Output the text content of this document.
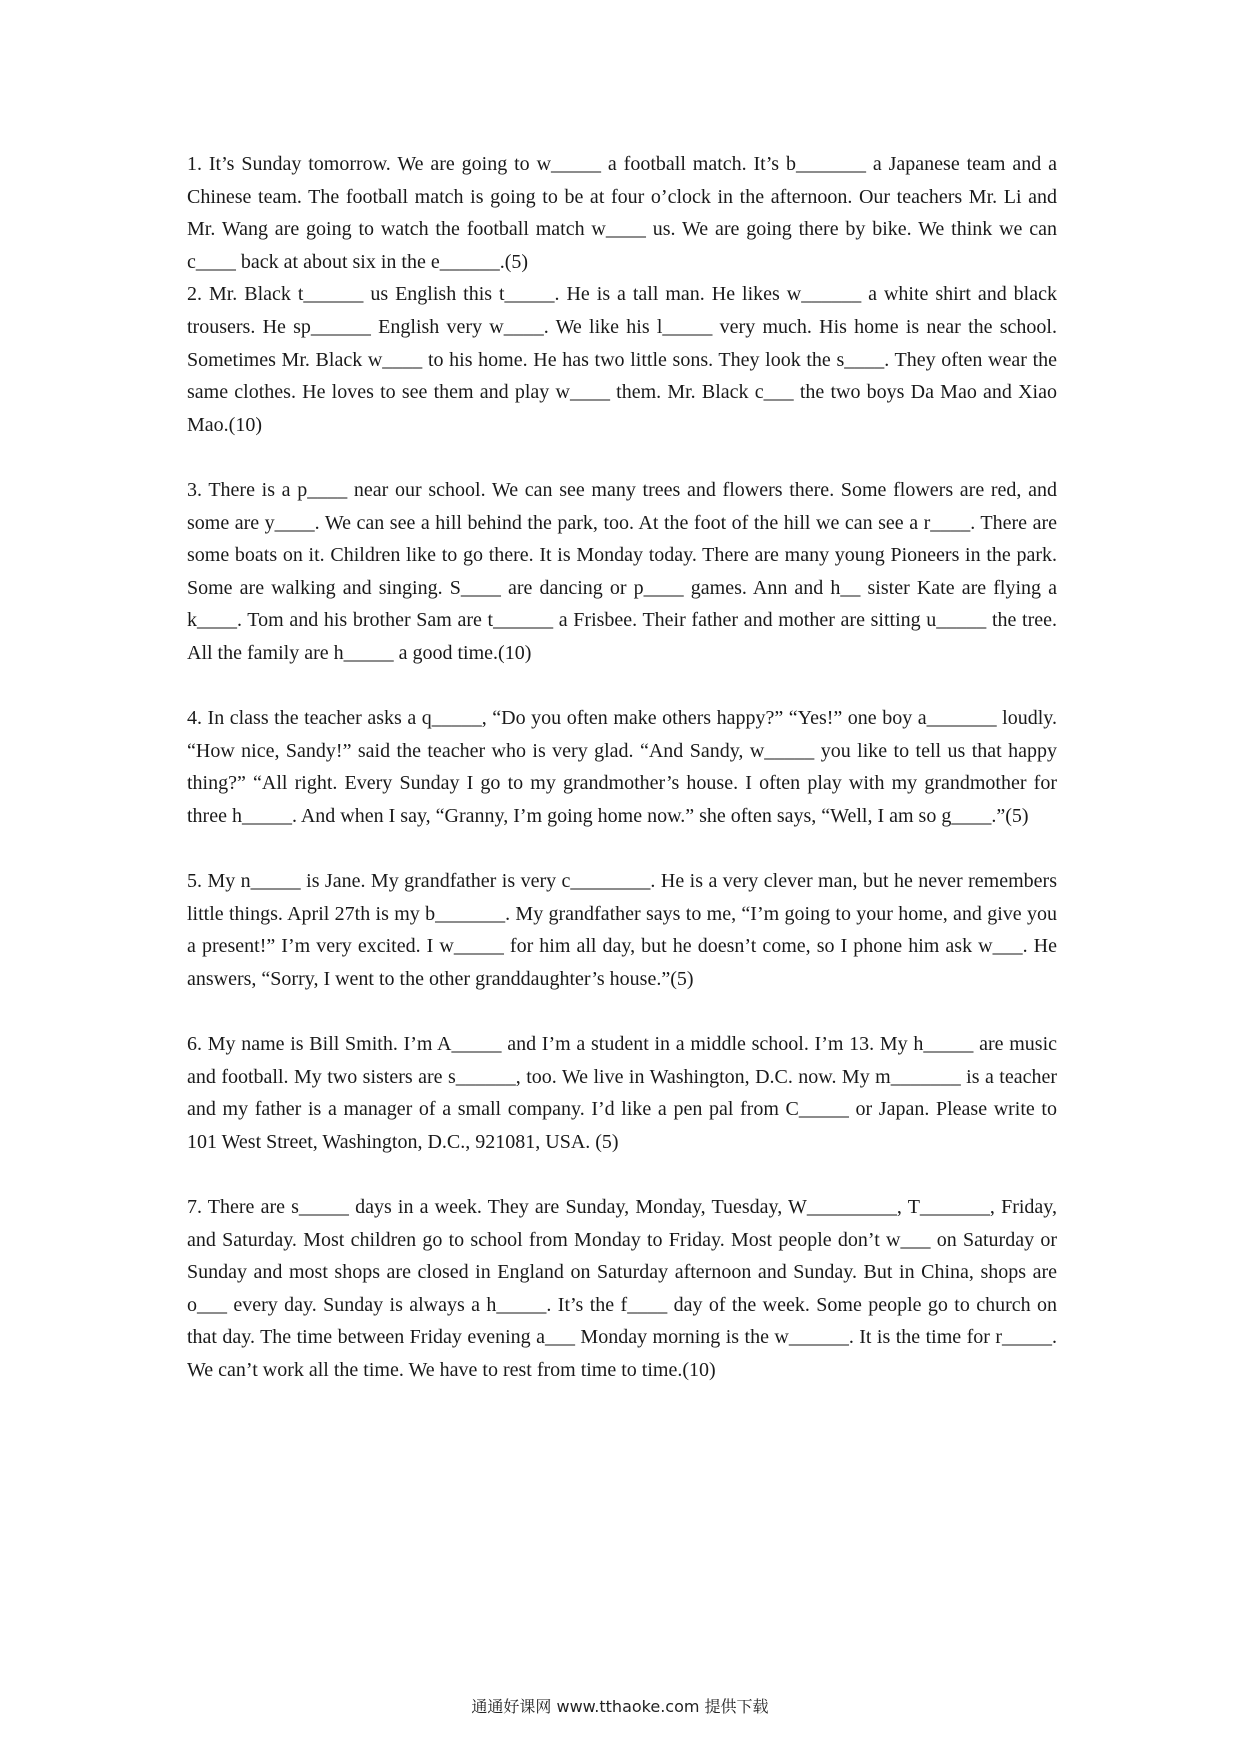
1. It’s Sunday tomorrow. We are going to w_____ a football match. It’s b_______ a Japanese team and a Chinese team. The football match is going to be at four o’clock in the afternoon. Our teachers Mr. Li and Mr. Wang are going to watch the football match w____ us. We are going there by bike. We think we can c____ back at about six in the e______.(5)

2. Mr. Black t______ us English this t_____. He is a tall man. He likes w______ a white shirt and black trousers. He sp______ English very w____. We like his l_____ very much. His home is near the school. Sometimes Mr. Black w____ to his home. He has two little sons. They look the s____. They often wear the same clothes. He loves to see them and play w____ them. Mr. Black c___ the two boys Da Mao and Xiao Mao.(10)

3. There is a p____ near our school. We can see many trees and flowers there. Some flowers are red, and some are y____. We can see a hill behind the park, too. At the foot of the hill we can see a r____. There are some boats on it. Children like to go there. It is Monday today. There are many young Pioneers in the park. Some are walking and singing. S____ are dancing or p____ games. Ann and h__ sister Kate are flying a k____. Tom and his brother Sam are t______ a Frisbee. Their father and mother are sitting u_____ the tree. All the family are h_____ a good time.(10)

4. In class the teacher asks a q_____, “Do you often make others happy?” “Yes!” one boy a_______ loudly. “How nice, Sandy!” said the teacher who is very glad. “And Sandy, w_____ you like to tell us that happy thing?” “All right. Every Sunday I go to my grandmother’s house. I often play with my grandmother for three h_____. And when I say, “Granny, I’m going home now.” she often says, “Well, I am so g____.”(5)

5. My n_____ is Jane. My grandfather is very c________. He is a very clever man, but he never remembers little things. April 27th is my b_______. My grandfather says to me, “I’m going to your home, and give you a present!” I’m very excited. I w_____ for him all day, but he doesn’t come, so I phone him ask w___. He answers, “Sorry, I went to the other granddaughter’s house.”(5)

6. My name is Bill Smith. I’m A_____ and I’m a student in a middle school. I’m 13. My h_____ are music and football. My two sisters are s______, too. We live in Washington, D.C. now. My m_______ is a teacher and my father is a manager of a small company. I’d like a pen pal from C_____ or Japan. Please write to 101 West Street, Washington, D.C., 921081, USA. (5)

7. There are s_____ days in a week. They are Sunday, Monday, Tuesday, W_________, T_______, Friday, and Saturday. Most children go to school from Monday to Friday. Most people don’t w___ on Saturday or Sunday and most shops are closed in England on Saturday afternoon and Sunday. But in China, shops are o___ every day. Sunday is always a h_____. It’s the f____ day of the week. Some people go to church on that day. The time between Friday evening a___ Monday morning is the w______. It is the time for r_____. We can’t work all the time. We have to rest from time to time.(10)

通通好课网 www.tthaoke.com 提供下载
